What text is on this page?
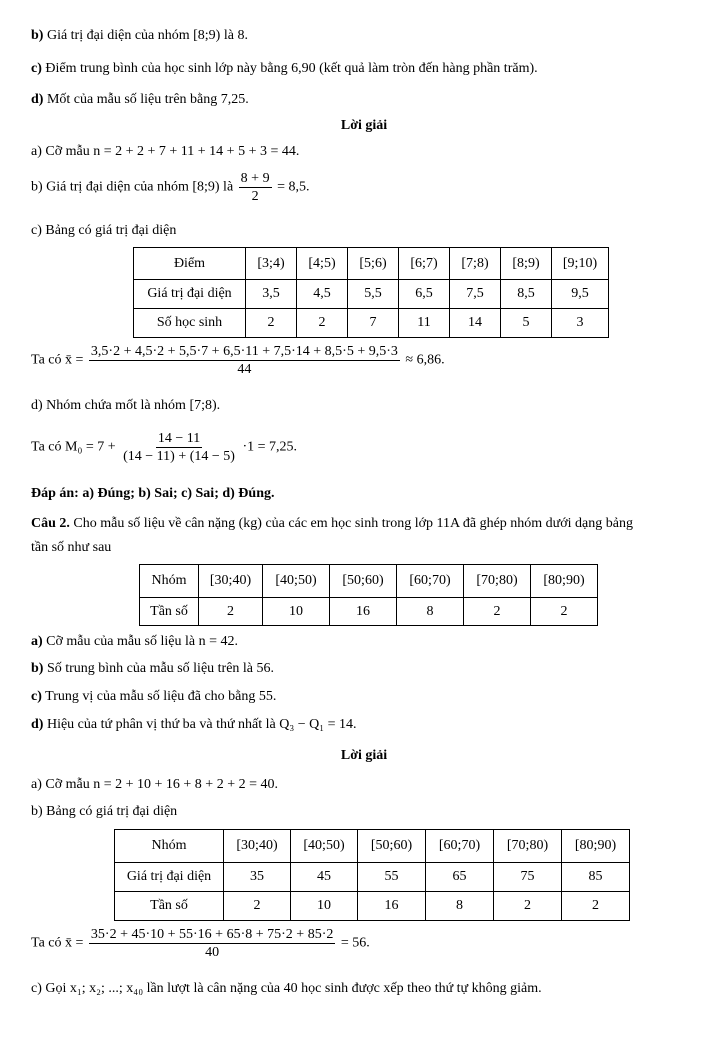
b) Giá trị đại diện của nhóm [8;9) là 8.
c) Điểm trung bình của học sinh lớp này bằng 6,90 (kết quả làm tròn đến hàng phần trăm).
d) Mốt của mẫu số liệu trên bằng 7,25.
Lời giải
a) Cỡ mẫu n = 2 + 2 + 7 + 11 + 14 + 5 + 3 = 44.
b) Giá trị đại diện của nhóm [8;9) là $\frac{8 + 9}{2} = 8,5$.
c) Bảng có giá trị đại diện
Điểm	[3;4)	[4;5)	[5;6)	[6;7)	[7;8)	[8;9)	[9;10)
Giá trị đại diện	3,5	4,5	5,5	6,5	7,5	8,5	9,5
Số học sinh	2	2	7	11	14	5	3
Ta có x̄ = $\frac{3,5\cdot 2 + 4,5\cdot 2 + 5,5\cdot 7 + 6,5\cdot 11 + 7,5\cdot 14 + 8,5\cdot 5 + 9,5\cdot 3}{44} \approx 6,86$.
d) Nhóm chứa mốt là nhóm [7;8).
Ta có $M_0 = 7 + \frac{14 - 11}{(14 - 11) + (14 - 5)} \cdot 1 = 7,25$.
Đáp án: a) Đúng; b) Sai; c) Sai; d) Đúng.
Câu 2. Cho mẫu số liệu về cân nặng (kg) của các em học sinh trong lớp 11A đã ghép nhóm dưới dạng bảng
tần số như sau
Nhóm	[30;40)	[40;50)	[50;60)	[60;70)	[70;80)	[80;90)
Tần số	2	10	16	8	2	2
a) Cỡ mẫu của mẫu số liệu là n = 42.
b) Số trung bình của mẫu số liệu trên là 56.
c) Trung vị của mẫu số liệu đã cho bằng 55.
d) Hiệu của tứ phân vị thứ ba và thứ nhất là Q₃ − Q₁ = 14.
Lời giải
a) Cỡ mẫu n = 2 + 10 + 16 + 8 + 2 + 2 = 40.
b) Bảng có giá trị đại diện
Nhóm	[30;40)	[40;50)	[50;60)	[60;70)	[70;80)	[80;90)
Giá trị đại diện	35	45	55	65	75	85
Tần số	2	10	16	8	2	2
Ta có x̄ = $\frac{35\cdot 2 + 45\cdot 10 + 55\cdot 16 + 65\cdot 8 + 75\cdot 2 + 85\cdot 2}{40} = 56$.
c) Gọi x₁; x₂; ...; x₄₀ lần lượt là cân nặng của 40 học sinh được xếp theo thứ tự không giảm.
